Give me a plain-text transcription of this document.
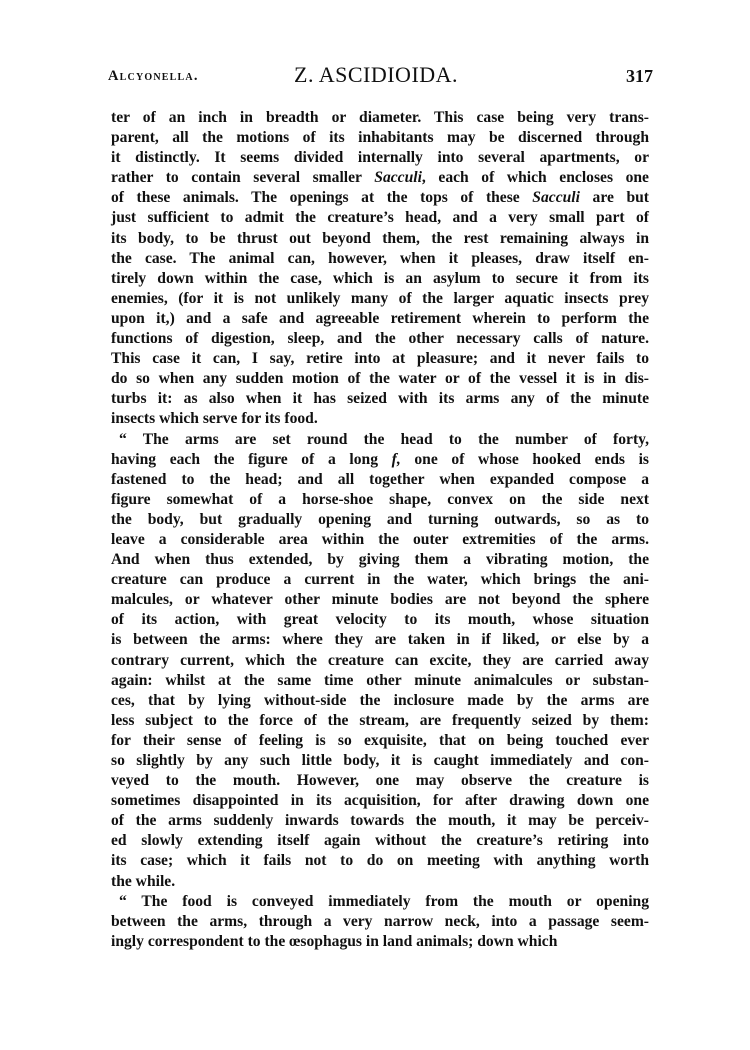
Alcyonella.	Z. ASCIDIOIDA.	317
ter of an inch in breadth or diameter. This case being very trans-
parent, all the motions of its inhabitants may be discerned through
it distinctly. It seems divided internally into several apartments, or
rather to contain several smaller Sacculi, each of which encloses one
of these animals. The openings at the tops of these Sacculi are but
just sufficient to admit the creature’s head, and a very small part of
its body, to be thrust out beyond them, the rest remaining always in
the case. The animal can, however, when it pleases, draw itself en-
tirely down within the case, which is an asylum to secure it from its
enemies, (for it is not unlikely many of the larger aquatic insects prey
upon it,) and a safe and agreeable retirement wherein to perform the
functions of digestion, sleep, and the other necessary calls of nature.
This case it can, I say, retire into at pleasure; and it never fails to
do so when any sudden motion of the water or of the vessel it is in dis-
turbs it: as also when it has seized with its arms any of the minute
insects which serve for its food.
“ The arms are set round the head to the number of forty,
having each the figure of a long f, one of whose hooked ends is
fastened to the head; and all together when expanded compose a
figure somewhat of a horse-shoe shape, convex on the side next
the body, but gradually opening and turning outwards, so as to
leave a considerable area within the outer extremities of the arms.
And when thus extended, by giving them a vibrating motion, the
creature can produce a current in the water, which brings the ani-
malcules, or whatever other minute bodies are not beyond the sphere
of its action, with great velocity to its mouth, whose situation
is between the arms: where they are taken in if liked, or else by a
contrary current, which the creature can excite, they are carried away
again: whilst at the same time other minute animalcules or substan-
ces, that by lying without-side the inclosure made by the arms are
less subject to the force of the stream, are frequently seized by them:
for their sense of feeling is so exquisite, that on being touched ever
so slightly by any such little body, it is caught immediately and con-
veyed to the mouth. However, one may observe the creature is
sometimes disappointed in its acquisition, for after drawing down one
of the arms suddenly inwards towards the mouth, it may be perceiv-
ed slowly extending itself again without the creature’s retiring into
its case; which it fails not to do on meeting with anything worth
the while.
“ The food is conveyed immediately from the mouth or opening
between the arms, through a very narrow neck, into a passage seem-
ingly correspondent to the œsophagus in land animals; down which
